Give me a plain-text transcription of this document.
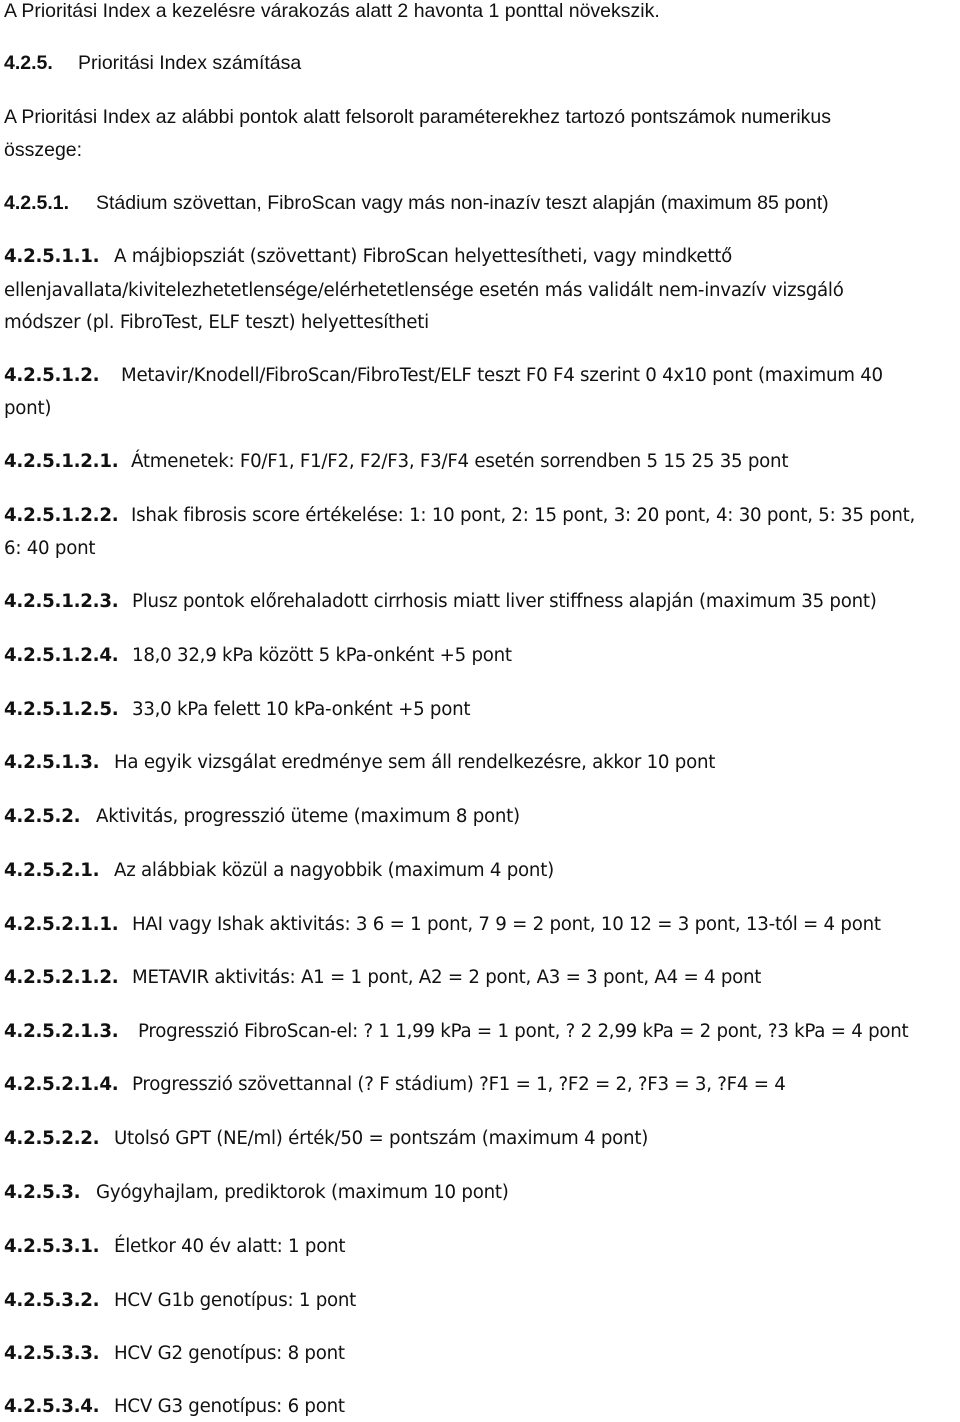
A Prioritási Index a kezelésre várakozás alatt 2 havonta 1 ponttal növekszik.
4.2.5. Prioritási Index számítása
A Prioritási Index az alábbi pontok alatt felsorolt paraméterekhez tartozó pontszámok numerikus
összege:
4.2.5.1. Stádium szövettan, FibroScan vagy más non-inazív teszt alapján (maximum 85 pont)
4.2.5.1.1. A májbiopsziát (szövettant) FibroScan helyettesítheti, vagy mindkettő
ellenjavallata/kivitelezhetetlensége/elérhetetlensége esetén más validált nem-invazív vizsgáló
módszer (pl. FibroTest, ELF teszt) helyettesítheti
4.2.5.1.2. Metavir/Knodell/FibroScan/FibroTest/ELF teszt F0 F4 szerint 0 4x10 pont (maximum 40
pont)
4.2.5.1.2.1. Átmenetek: F0/F1, F1/F2, F2/F3, F3/F4 esetén sorrendben 5 15 25 35 pont
4.2.5.1.2.2. Ishak fibrosis score értékelése: 1: 10 pont, 2: 15 pont, 3: 20 pont, 4: 30 pont, 5: 35 pont,
6: 40 pont
4.2.5.1.2.3. Plusz pontok előrehaladott cirrhosis miatt liver stiffness alapján (maximum 35 pont)
4.2.5.1.2.4. 18,0 32,9 kPa között 5 kPa-onként +5 pont
4.2.5.1.2.5. 33,0 kPa felett 10 kPa-onként +5 pont
4.2.5.1.3. Ha egyik vizsgálat eredménye sem áll rendelkezésre, akkor 10 pont
4.2.5.2. Aktivitás, progresszió üteme (maximum 8 pont)
4.2.5.2.1. Az alábbiak közül a nagyobbik (maximum 4 pont)
4.2.5.2.1.1. HAI vagy Ishak aktivitás: 3 6 = 1 pont, 7 9 = 2 pont, 10 12 = 3 pont, 13-tól = 4 pont
4.2.5.2.1.2. METAVIR aktivitás: A1 = 1 pont, A2 = 2 pont, A3 = 3 pont, A4 = 4 pont
4.2.5.2.1.3. Progresszió FibroScan-el: ? 1 1,99 kPa = 1 pont, ? 2 2,99 kPa = 2 pont, ?3 kPa = 4 pont
4.2.5.2.1.4. Progresszió szövettannal (? F stádium) ?F1 = 1, ?F2 = 2, ?F3 = 3, ?F4 = 4
4.2.5.2.2. Utolsó GPT (NE/ml) érték/50 = pontszám (maximum 4 pont)
4.2.5.3. Gyógyhajlam, prediktorok (maximum 10 pont)
4.2.5.3.1. Életkor 40 év alatt: 1 pont
4.2.5.3.2. HCV G1b genotípus: 1 pont
4.2.5.3.3. HCV G2 genotípus: 8 pont
4.2.5.3.4. HCV G3 genotípus: 6 pont
